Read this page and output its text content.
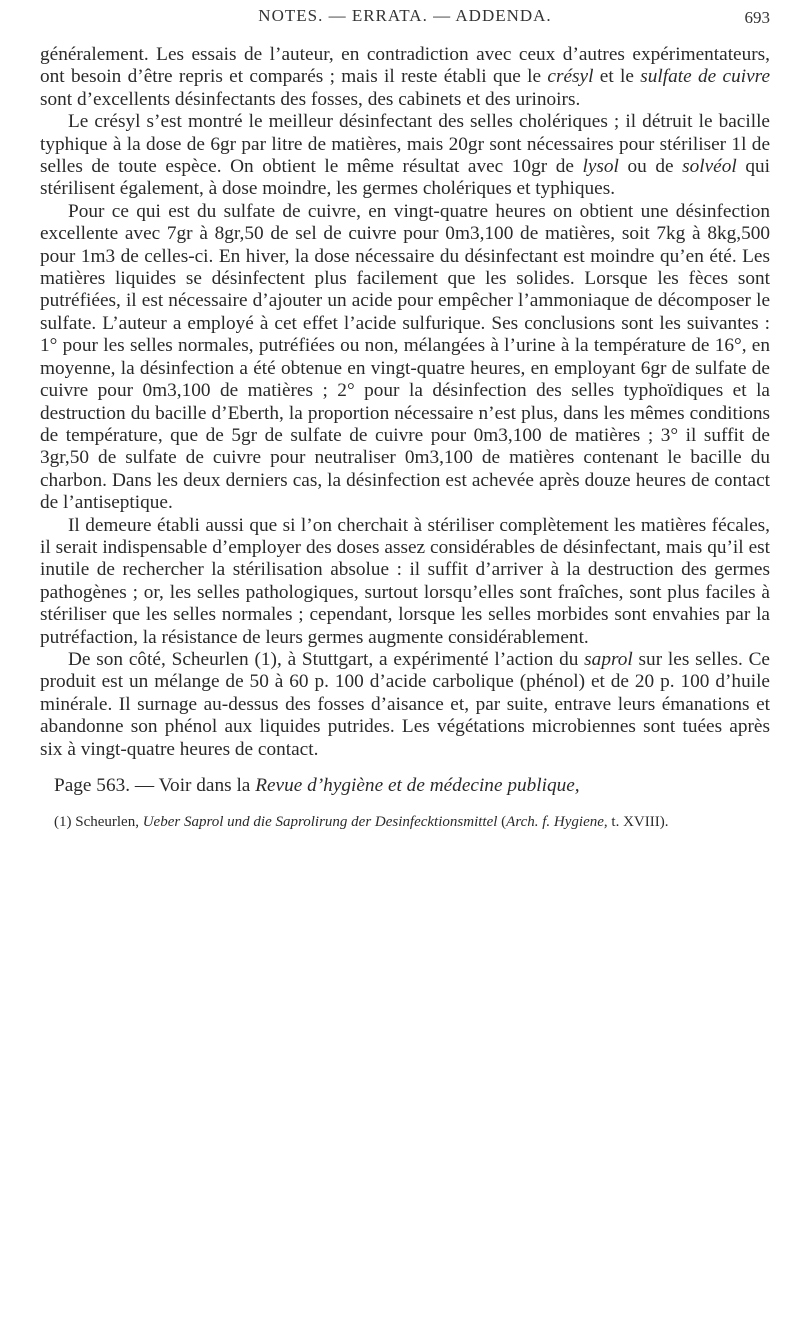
NOTES. — ERRATA. — ADDENDA.	693

généralement. Les essais de l’auteur, en contradiction avec ceux d’autres expérimentateurs, ont besoin d’être repris et comparés ; mais il reste établi que le crésyl et le sulfate de cuivre sont d’excellents désinfectants des fosses, des cabinets et des urinoirs.

Le crésyl s’est montré le meilleur désinfectant des selles cholériques ; il détruit le bacille typhique à la dose de 6gr par litre de matières, mais 20gr sont nécessaires pour stériliser 1l de selles de toute espèce. On obtient le même résultat avec 10gr de lysol ou de solvéol qui stérilisent également, à dose moindre, les germes cholériques et typhiques.

Pour ce qui est du sulfate de cuivre, en vingt-quatre heures on obtient une désinfection excellente avec 7gr à 8gr,50 de sel de cuivre pour 0m3,100 de matières, soit 7kg à 8kg,500 pour 1m3 de celles-ci. En hiver, la dose nécessaire du désinfectant est moindre qu’en été. Les matières liquides se désinfectent plus facilement que les solides. Lorsque les fèces sont putréfiées, il est nécessaire d’ajouter un acide pour empêcher l’ammoniaque de décomposer le sulfate. L’auteur a employé à cet effet l’acide sulfurique. Ses conclusions sont les suivantes : 1° pour les selles normales, putréfiées ou non, mélangées à l’urine à la température de 16°, en moyenne, la désinfection a été obtenue en vingt-quatre heures, en employant 6gr de sulfate de cuivre pour 0m3,100 de matières ; 2° pour la désinfection des selles typhoïdiques et la destruction du bacille d’Eberth, la proportion nécessaire n’est plus, dans les mêmes conditions de température, que de 5gr de sulfate de cuivre pour 0m3,100 de matières ; 3° il suffit de 3gr,50 de sulfate de cuivre pour neutraliser 0m3,100 de matières contenant le bacille du charbon. Dans les deux derniers cas, la désinfection est achevée après douze heures de contact de l’antiseptique.

Il demeure établi aussi que si l’on cherchait à stériliser complètement les matières fécales, il serait indispensable d’employer des doses assez considérables de désinfectant, mais qu’il est inutile de rechercher la stérilisation absolue : il suffit d’arriver à la destruction des germes pathogènes ; or, les selles pathologiques, surtout lorsqu’elles sont fraîches, sont plus faciles à stériliser que les selles normales ; cependant, lorsque les selles morbides sont envahies par la putréfaction, la résistance de leurs germes augmente considérablement.

De son côté, Scheurlen (1), à Stuttgart, a expérimenté l’action du saprol sur les selles. Ce produit est un mélange de 50 à 60 p. 100 d’acide carbolique (phénol) et de 20 p. 100 d’huile minérale. Il surnage au-dessus des fosses d’aisance et, par suite, entrave leurs émanations et abandonne son phénol aux liquides putrides. Les végétations microbiennes sont tuées après six à vingt-quatre heures de contact.

Page 563. — Voir dans la Revue d’hygiène et de médecine publique,

(1) Scheurlen, Ueber Saprol und die Saprolirung der Desinfecktionsmittel (Arch. f. Hygiene, t. XVIII).
